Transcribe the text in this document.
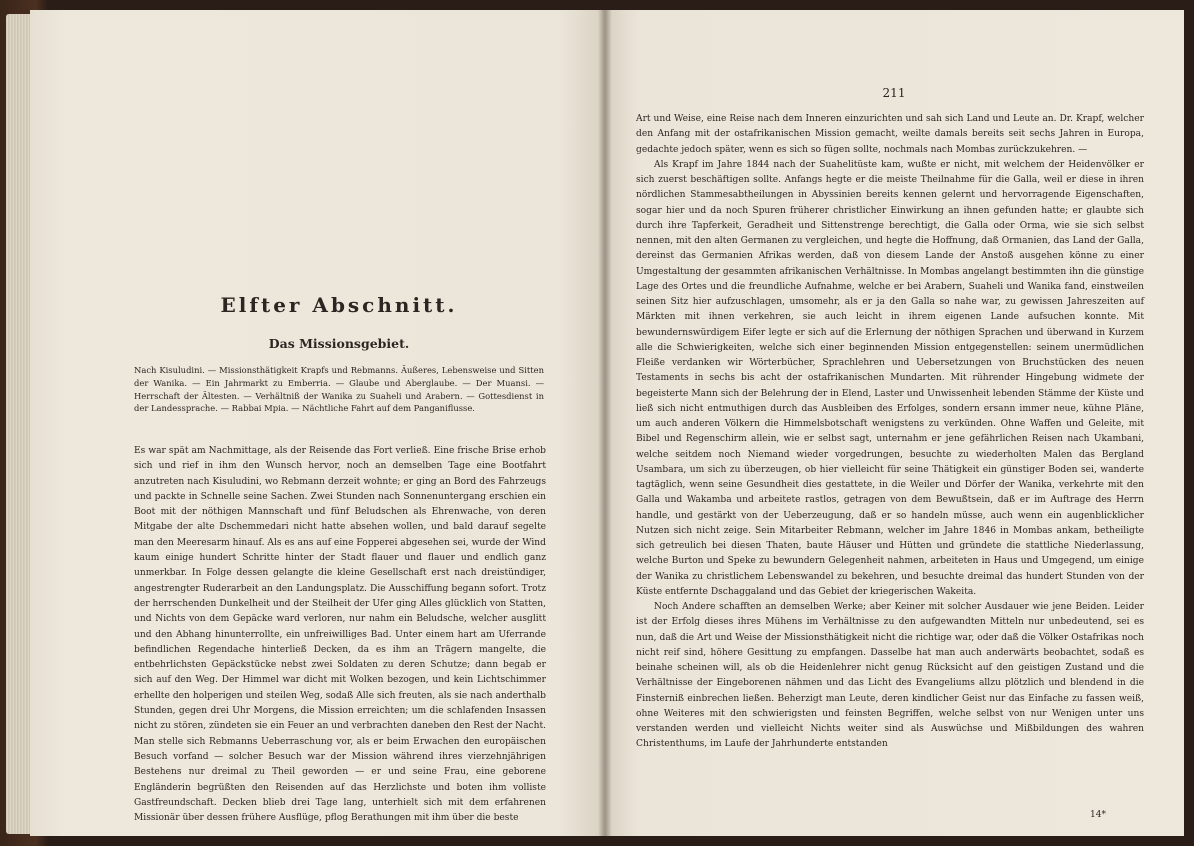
Elfter Abschnitt.
Das Missionsgebiet.

Nach Kisuludini. — Missionsthätigkeit Krapfs und Rebmanns. Äußeres, Lebensweise und Sitten der Wanika. — Ein Jahrmarkt zu Emberria. — Glaube und Aberglaube. — Der Muansi. — Herrschaft der Ältesten. — Verhältniß der Wanika zu Suaheli und Arabern. — Gottesdienst in der Landessprache. — Rabbai Mpia. — Nächtliche Fahrt auf dem Panganiflusse.

Es war spät am Nachmittage, als der Reisende das Fort verließ. Eine frische Brise erhob sich und rief in ihm den Wunsch hervor, noch an demselben Tage eine Bootfahrt anzutreten nach Kisuludini, wo Rebmann derzeit wohnte; er ging an Bord des Fahrzeugs und packte in Schnelle seine Sachen. Zwei Stunden nach Sonnenuntergang erschien ein Boot mit der nöthigen Mannschaft und fünf Beludschen als Ehrenwache, von deren Mitgabe der alte Dschemmedari nicht hatte absehen wollen, und bald darauf segelte man den Meeresarm hinauf. Als es ans auf eine Fopperei abgesehen sei, wurde der Wind kaum einige hundert Schritte hinter der Stadt flauer und flauer und endlich ganz unmerkbar. In Folge dessen gelangte die kleine Gesellschaft erst nach dreistündiger, angestrengter Ruderarbeit an den Landungsplatz. Die Ausschiffung begann sofort. Trotz der herrschenden Dunkelheit und der Steilheit der Ufer ging Alles glücklich von Statten, und Nichts von dem Gepäcke ward verloren, nur nahm ein Beludsche, welcher ausglitt und den Abhang hinunterrollte, ein unfreiwilliges Bad. Unter einem hart am Uferrande befindlichen Regendache hinterließ Decken, da es ihm an Trägern mangelte, die entbehrlichsten Gepäckstücke nebst zwei Soldaten zu deren Schutze; dann begab er sich auf den Weg. Der Himmel war dicht mit Wolken bezogen, und kein Lichtschimmer erhellte den holperigen und steilen Weg, sodaß Alle sich freuten, als sie nach anderthalb Stunden, gegen drei Uhr Morgens, die Mission erreichten; um die schlafenden Insassen nicht zu stören, zündeten sie ein Feuer an und verbrachten daneben den Rest der Nacht. Man stelle sich Rebmanns Ueberraschung vor, als er beim Erwachen den europäischen Besuch vorfand — solcher Besuch war der Mission während ihres vierzehnjährigen Bestehens nur dreimal zu Theil geworden — er und seine Frau, eine geborene Engländerin begrüßten den Reisenden auf das Herzlichste und boten ihm volliste Gastfreundschaft. Decken blieb drei Tage lang, unterhielt sich mit dem erfahrenen Missionär über dessen frühere Ausflüge, pflog Berathungen mit ihm über die beste

211

Art und Weise, eine Reise nach dem Inneren einzurichten und sah sich Land und Leute an. Dr. Krapf, welcher den Anfang mit der ostafrikanischen Mission gemacht, weilte damals bereits seit sechs Jahren in Europa, gedachte jedoch später, wenn es sich so fügen sollte, nochmals nach Mombas zurückzukehren. —

Als Krapf im Jahre 1844 nach der Suahelitüste kam, wußte er nicht, mit welchem der Heidenvölker er sich zuerst beschäftigen sollte. Anfangs hegte er die meiste Theilnahme für die Galla, weil er diese in ihren nördlichen Stammesabtheilungen in Abyssinien bereits kennen gelernt und hervorragende Eigenschaften, sogar hier und da noch Spuren früherer christlicher Einwirkung an ihnen gefunden hatte; er glaubte sich durch ihre Tapferkeit, Geradheit und Sittenstrenge berechtigt, die Galla oder Orma, wie sie sich selbst nennen, mit den alten Germanen zu vergleichen, und hegte die Hoffnung, daß Ormanien, das Land der Galla, dereinst das Germanien Afrikas werden, daß von diesem Lande der Anstoß ausgehen könne zu einer Umgestaltung der gesammten afrikanischen Verhältnisse. In Mombas angelangt bestimmten ihn die günstige Lage des Ortes und die freundliche Aufnahme, welche er bei Arabern, Suaheli und Wanika fand, einstweilen seinen Sitz hier aufzuschlagen, umsomehr, als er ja den Galla so nahe war, zu gewissen Jahreszeiten auf Märkten mit ihnen verkehren, sie auch leicht in ihrem eigenen Lande aufsuchen konnte. Mit bewundernswürdigem Eifer legte er sich auf die Erlernung der nöthigen Sprachen und überwand in Kurzem alle die Schwierigkeiten, welche sich einer beginnenden Mission entgegenstellen: seinem unermüdlichen Fleiße verdanken wir Wörterbücher, Sprachlehren und Uebersetzungen von Bruchstücken des neuen Testaments in sechs bis acht der ostafrikanischen Mundarten. Mit rührender Hingebung widmete der begeisterte Mann sich der Belehrung der in Elend, Laster und Unwissenheit lebenden Stämme der Küste und ließ sich nicht entmuthigen durch das Ausbleiben des Erfolges, sondern ersann immer neue, kühne Pläne, um auch anderen Völkern die Himmelsbotschaft wenigstens zu verkünden. Ohne Waffen und Geleite, mit Bibel und Regenschirm allein, wie er selbst sagt, unternahm er jene gefährlichen Reisen nach Ukambani, welche seitdem noch Niemand wieder vorgedrungen, besuchte zu wiederholten Malen das Bergland Usambara, um sich zu überzeugen, ob hier vielleicht für seine Thätigkeit ein günstiger Boden sei, wanderte tagtäglich, wenn seine Gesundheit dies gestattete, in die Weiler und Dörfer der Wanika, verkehrte mit den Galla und Wakamba und arbeitete rastlos, getragen von dem Bewußtsein, daß er im Auftrage des Herrn handle, und gestärkt von der Ueberzeugung, daß er so handeln müsse, auch wenn ein augenblicklicher Nutzen sich nicht zeige. Sein Mitarbeiter Rebmann, welcher im Jahre 1846 in Mombas ankam, betheiligte sich getreulich bei diesen Thaten, baute Häuser und Hütten und gründete die stattliche Niederlassung, welche Burton und Speke zu bewundern Gelegenheit nahmen, arbeiteten in Haus und Umgegend, um einige der Wanika zu christlichem Lebenswandel zu bekehren, und besuchte dreimal das hundert Stunden von der Küste entfernte Dschaggaland und das Gebiet der kriegerischen Wakeita.

Noch Andere schafften an demselben Werke; aber Keiner mit solcher Ausdauer wie jene Beiden. Leider ist der Erfolg dieses ihres Mühens im Verhältnisse zu den aufgewandten Mitteln nur unbedeutend, sei es nun, daß die Art und Weise der Missionsthätigkeit nicht die richtige war, oder daß die Völker Ostafrikas noch nicht reif sind, höhere Gesittung zu empfangen. Dasselbe hat man auch anderwärts beobachtet, sodaß es beinahe scheinen will, als ob die Heidenlehrer nicht genug Rücksicht auf den geistigen Zustand und die Verhältnisse der Eingeborenen nähmen und das Licht des Evangeliums allzu plötzlich und blendend in die Finsterniß einbrechen ließen. Beherzigt man Leute, deren kindlicher Geist nur das Einfache zu fassen weiß, ohne Weiteres mit den schwierigsten und feinsten Begriffen, welche selbst von nur Wenigen unter uns verstanden werden und vielleicht Nichts weiter sind als Auswüchse und Mißbildungen des wahren Christenthums, im Laufe der Jahrhunderte entstanden

14*
